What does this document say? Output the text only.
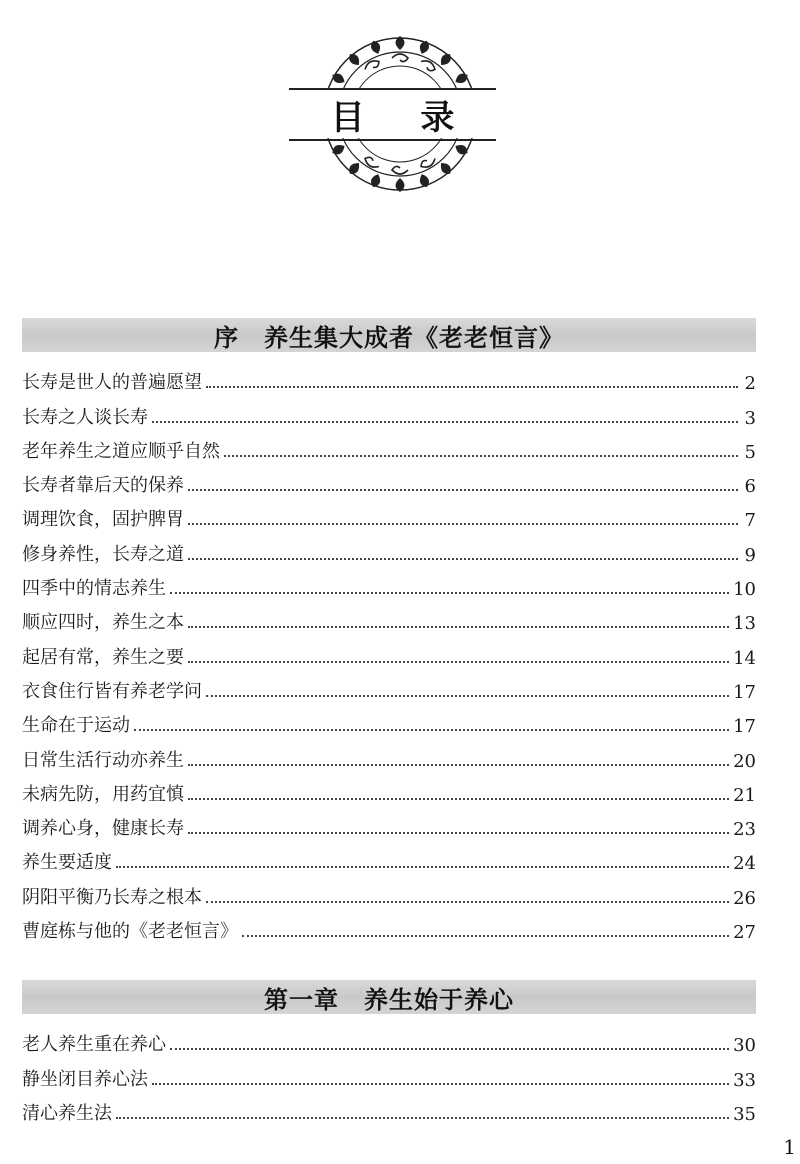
目 录
序　养生集大成者《老老恒言》
长寿是世人的普遍愿望	2
长寿之人谈长寿	3
老年养生之道应顺乎自然	5
长寿者靠后天的保养	6
调理饮食，固护脾胃	7
修身养性，长寿之道	9
四季中的情志养生	10
顺应四时，养生之本	13
起居有常，养生之要	14
衣食住行皆有养老学问	17
生命在于运动	17
日常生活行动亦养生	20
未病先防，用药宜慎	21
调养心身，健康长寿	23
养生要适度	24
阴阳平衡乃长寿之根本	26
曹庭栋与他的《老老恒言》	27
第一章　养生始于养心
老人养生重在养心	30
静坐闭目养心法	33
清心养生法	35
1
